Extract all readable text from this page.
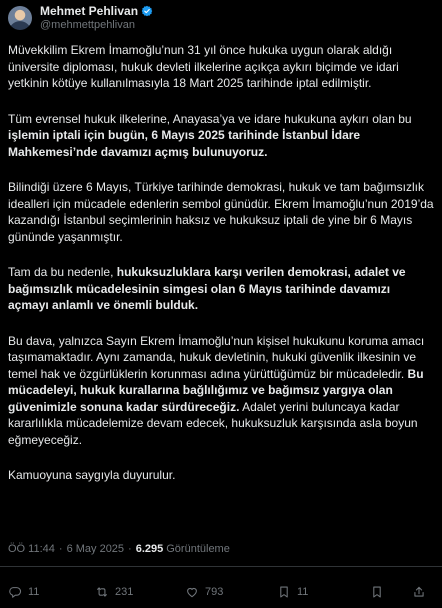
Mehmet Pehlivan
@mehmettpehlivan

Müvekkilim Ekrem İmamoğlu’nun 31 yıl önce hukuka uygun olarak aldığı üniversite diploması, hukuk devleti ilkelerine açıkça aykırı biçimde ve idari yetkinin kötüye kullanılmasıyla 18 Mart 2025 tarihinde iptal edilmiştir.

Tüm evrensel hukuk ilkelerine, Anayasa’ya ve idare hukukuna aykırı olan bu işlemin iptali için bugün, 6 Mayıs 2025 tarihinde İstanbul İdare Mahkemesi’nde davamızı açmış bulunuyoruz.

Bilindiği üzere 6 Mayıs, Türkiye tarihinde demokrasi, hukuk ve tam bağımsızlık idealleri için mücadele edenlerin sembol günüdür. Ekrem İmamoğlu’nun 2019’da kazandığı İstanbul seçimlerinin haksız ve hukuksuz iptali de yine bir 6 Mayıs gününde yaşanmıştır.

Tam da bu nedenle, hukuksuzluklara karşı verilen demokrasi, adalet ve bağımsızlık mücadelesinin simgesi olan 6 Mayıs tarihinde davamızı açmayı anlamlı ve önemli bulduk.

Bu dava, yalnızca Sayın Ekrem İmamoğlu’nun kişisel hukukunu koruma amacı taşımamaktadır. Aynı zamanda, hukuk devletinin, hukuki güvenlik ilkesinin ve temel hak ve özgürlüklerin korunması adına yürüttüğümüz bir mücadeledir. Bu mücadeleyi, hukuk kurallarına bağlılığımız ve bağımsız yargıya olan güvenimizle sonuna kadar sürdüreceğiz. Adalet yerini buluncaya kadar kararlılıkla mücadelemize devam edecek, hukuksuzluk karşısında asla boyun eğmeyeceğiz.

Kamuoyuna saygıyla duyurulur.

ÖÖ 11:44 · 6 May 2025 · 6.295 Görüntüleme
11	231	793	11
